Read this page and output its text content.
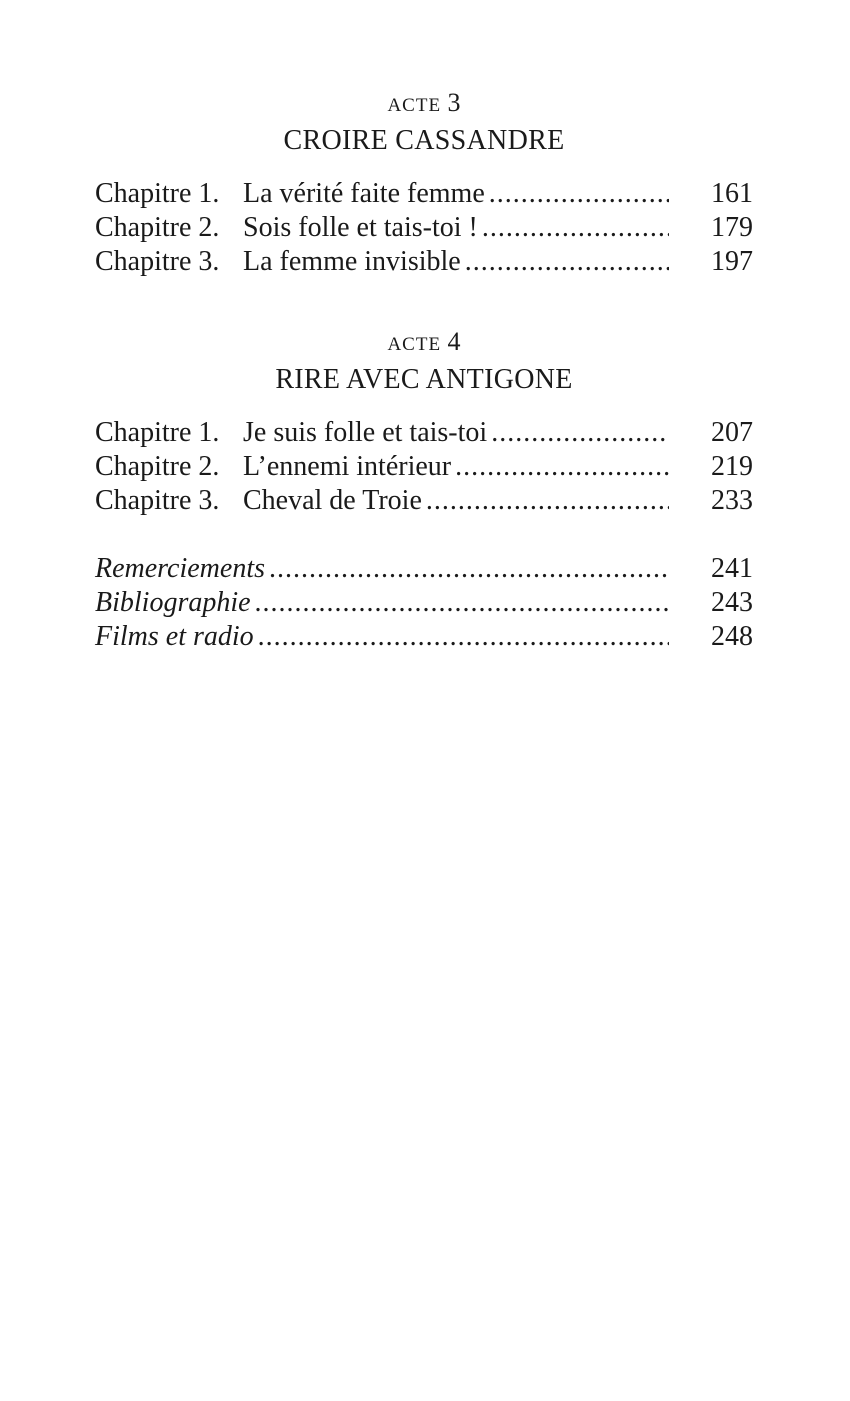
ACTE 3
CROIRE CASSANDRE
Chapitre 1. La vérité faite femme .....	161
Chapitre 2. Sois folle et tais-toi ! .....	179
Chapitre 3. La femme invisible .....	197
ACTE 4
RIRE AVEC ANTIGONE
Chapitre 1. Je suis folle et tais-toi .....	207
Chapitre 2. L’ennemi intérieur .....	219
Chapitre 3. Cheval de Troie .....	233
Remerciements .....	241
Bibliographie .....	243
Films et radio .....	248
